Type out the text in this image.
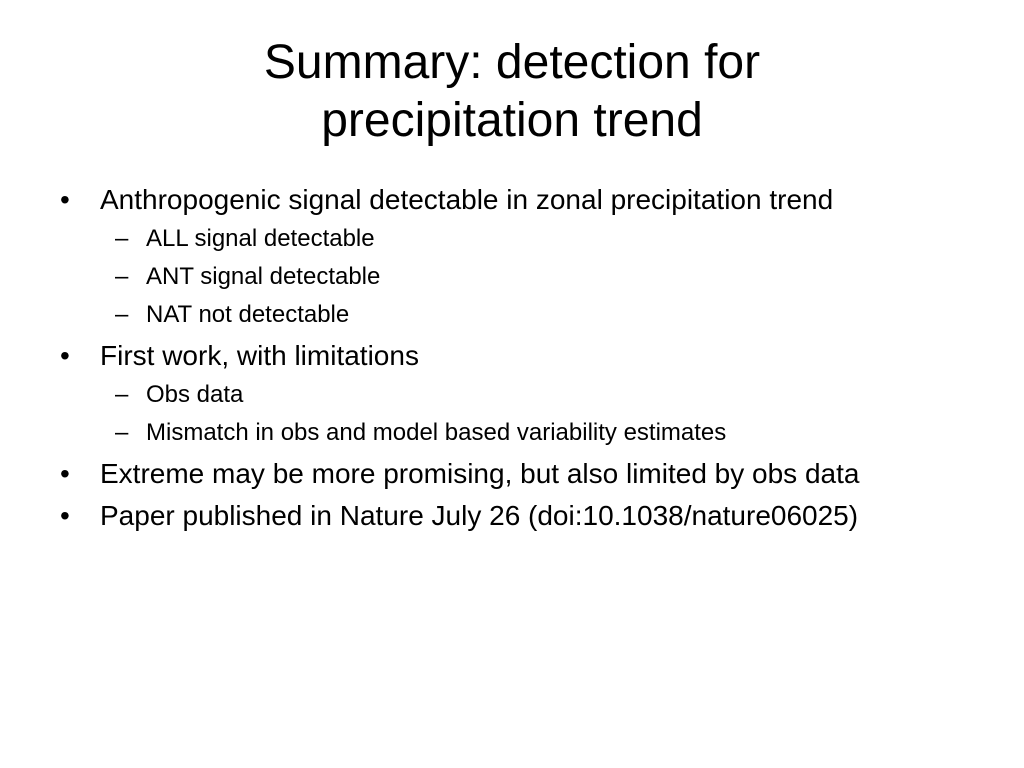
Summary: detection for
precipitation trend
•	Anthropogenic signal detectable in zonal precipitation trend
– ALL signal detectable
– ANT signal detectable
– NAT not detectable
•	First work, with limitations
– Obs data
– Mismatch in obs and model based variability estimates
•	Extreme may be more promising, but also limited by obs data
•	Paper published in Nature July 26 (doi:10.1038/nature06025)
